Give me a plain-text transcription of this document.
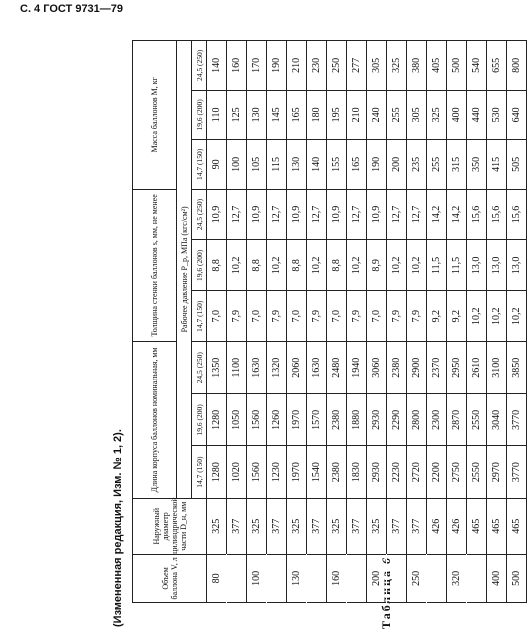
С. 4 ГОСТ 9731—79
Таблица 6
Объем баллона V, л	Наружный диаметр цилиндрической части D_н, мм	Длина корпуса баллонов номинальная, мм			Толщина стенки баллонов s, мм, не менее			Масса баллонов M, кг		
		Рабочее давление P_р, МПа (кгс/см²)								
		14,7 (150)	19,6 (200)	24,5 (250)	14,7 (150)	19,6 (200)	24,5 (250)	14,7 (150)	19,6 (200)	24,5 (250)
80	325	1280	1280	1350	7,0	8,8	10,9	90	110	140
	377	1020	1050	1100	7,9	10,2	12,7	100	125	160
100	325	1560	1560	1630	7,0	8,8	10,9	105	130	170
	377	1230	1260	1320	7,9	10,2	12,7	115	145	190
130	325	1970	1970	2060	7,0	8,8	10,9	130	165	210
	377	1540	1570	1630	7,9	10,2	12,7	140	180	230
160	325	2380	2380	2480	7,0	8,8	10,9	155	195	250
	377	1830	1880	1940	7,9	10,2	12,7	165	210	277
200	325	2930	2930	3060	7,0	8,9	10,9	190	240	305
	377	2230	2290	2380	7,9	10,2	12,7	200	255	325
250	377	2720	2800	2900	7,9	10,2	12,7	235	305	380
	426	2200	2300	2370	9,2	11,5	14,2	255	325	405
320	426	2750	2870	2950	9,2	11,5	14,2	315	400	500
	465	2550	2550	2610	10,2	13,0	15,6	350	440	540
400	465	2970	3040	3100	10,2	13,0	15,6	415	530	655
500	465	3770	3770	3850	10,2	13,0	15,6	505	640	800
(Измененная редакция, Изм. № 1, 2).
